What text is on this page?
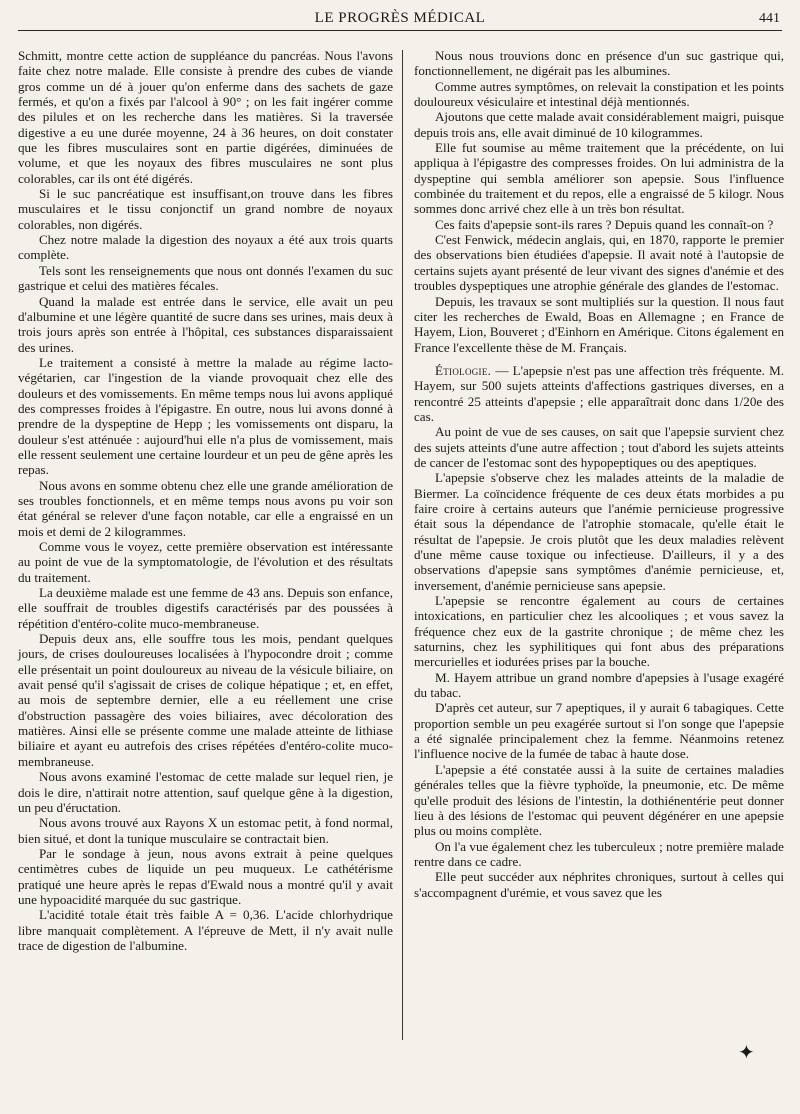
LE PROGRÈS MÉDICAL	441

Schmitt, montre cette action de suppléance du pancréas. Nous l'avons faite chez notre malade. Elle consiste à prendre des cubes de viande gros comme un dé à jouer qu'on enferme dans des sachets de gaze fermés, et qu'on a fixés par l'alcool à 90° ; on les fait ingérer comme des pilules et on les recherche dans les matières. Si la traversée digestive a eu une durée moyenne, 24 à 36 heures, on doit constater que les fibres musculaires sont en partie digérées, diminuées de volume, et que les noyaux des fibres musculaires ne sont plus colorables, car ils ont été digérés.

Si le suc pancréatique est insuffisant,on trouve dans les fibres musculaires et le tissu conjonctif un grand nombre de noyaux colorables, non digérés.

Chez notre malade la digestion des noyaux a été aux trois quarts complète.

Tels sont les renseignements que nous ont donnés l'examen du suc gastrique et celui des matières fécales.

Quand la malade est entrée dans le service, elle avait un peu d'albumine et une légère quantité de sucre dans ses urines, mais deux à trois jours après son entrée à l'hôpital, ces substances disparaissaient des urines.

Le traitement a consisté à mettre la malade au régime lacto-végétarien, car l'ingestion de la viande provoquait chez elle des douleurs et des vomissements. En même temps nous lui avons appliqué des compresses froides à l'épigastre. En outre, nous lui avons donné à prendre de la dyspeptine de Hepp ; les vomissements ont disparu, la douleur s'est atténuée : aujourd'hui elle n'a plus de vomissement, mais elle ressent seulement une certaine lourdeur et un peu de gêne après les repas.

Nous avons en somme obtenu chez elle une grande amélioration de ses troubles fonctionnels, et en même temps nous avons pu voir son état général se relever d'une façon notable, car elle a engraissé en un mois et demi de 2 kilogrammes.

Comme vous le voyez, cette première observation est intéressante au point de vue de la symptomatologie, de l'évolution et des résultats du traitement.

La deuxième malade est une femme de 43 ans. Depuis son enfance, elle souffrait de troubles digestifs caractérisés par des poussées à répétition d'entéro-colite muco-membraneuse.

Depuis deux ans, elle souffre tous les mois, pendant quelques jours, de crises douloureuses localisées à l'hypocondre droit ; comme elle présentait un point douloureux au niveau de la vésicule biliaire, on avait pensé qu'il s'agissait de crises de colique hépatique ; et, en effet, au mois de septembre dernier, elle a eu réellement une crise d'obstruction passagère des voies biliaires, avec décoloration des matières. Ainsi elle se présente comme une malade atteinte de lithiase biliaire et ayant eu autrefois des crises répétées d'entéro-colite muco-membraneuse.

Nous avons examiné l'estomac de cette malade sur lequel rien, je dois le dire, n'attirait notre attention, sauf quelque gêne à la digestion, un peu d'éructation.

Nous avons trouvé aux Rayons X un estomac petit, à fond normal, bien situé, et dont la tunique musculaire se contractait bien.

Par le sondage à jeun, nous avons extrait à peine quelques centimètres cubes de liquide un peu muqueux. Le cathétérisme pratiqué une heure après le repas d'Ewald nous a montré qu'il y avait une hypoacidité marquée du suc gastrique.

L'acidité totale était très faible A = 0,36. L'acide chlorhydrique libre manquait complètement. A l'épreuve de Mett, il n'y avait nulle trace de digestion de l'albumine.

Nous nous trouvions donc en présence d'un suc gastrique qui, fonctionnellement, ne digérait pas les albumines.

Comme autres symptômes, on relevait la constipation et les points douloureux vésiculaire et intestinal déjà mentionnés.

Ajoutons que cette malade avait considérablement maigri, puisque depuis trois ans, elle avait diminué de 10 kilogrammes.

Elle fut soumise au même traitement que la précédente, on lui appliqua à l'épigastre des compresses froides. On lui administra de la dyspeptine qui sembla améliorer son apepsie. Sous l'influence combinée du traitement et du repos, elle a engraissé de 5 kilogr. Nous sommes donc arrivé chez elle à un très bon résultat.

Ces faits d'apepsie sont-ils rares ? Depuis quand les connaît-on ?

C'est Fenwick, médecin anglais, qui, en 1870, rapporte le premier des observations bien étudiées d'apepsie. Il avait noté à l'autopsie de certains sujets ayant présenté de leur vivant des signes d'anémie et des troubles dyspeptiques une atrophie générale des glandes de l'estomac.

Depuis, les travaux se sont multipliés sur la question. Il nous faut citer les recherches de Ewald, Boas en Allemagne ; en France de Hayem, Lion, Bouveret ; d'Einhorn en Amérique. Citons également en France l'excellente thèse de M. Français.

Étiologie. — L'apepsie n'est pas une affection très fréquente. M. Hayem, sur 500 sujets atteints d'affections gastriques diverses, en a rencontré 25 atteints d'apepsie ; elle apparaîtrait donc dans 1/20e des cas.

Au point de vue de ses causes, on sait que l'apepsie survient chez des sujets atteints d'une autre affection ; tout d'abord les sujets atteints de cancer de l'estomac sont des hypopeptiques ou des apeptiques.

L'apepsie s'observe chez les malades atteints de la maladie de Biermer. La coïncidence fréquente de ces deux états morbides a pu faire croire à certains auteurs que l'anémie pernicieuse progressive était sous la dépendance de l'atrophie stomacale, qu'elle était le résultat de l'apepsie. Je crois plutôt que les deux maladies relèvent d'une même cause toxique ou infectieuse. D'ailleurs, il y a des observations d'apepsie sans symptômes d'anémie pernicieuse, et, inversement, d'anémie pernicieuse sans apepsie.

L'apepsie se rencontre également au cours de certaines intoxications, en particulier chez les alcooliques ; et vous savez la fréquence chez eux de la gastrite chronique ; de même chez les saturnins, chez les syphilitiques qui font abus des préparations mercurielles et iodurées prises par la bouche.

M. Hayem attribue un grand nombre d'apepsies à l'usage exagéré du tabac.

D'après cet auteur, sur 7 apeptiques, il y aurait 6 tabagiques. Cette proportion semble un peu exagérée surtout si l'on songe que l'apepsie a été signalée principalement chez la femme. Néanmoins retenez l'influence nocive de la fumée de tabac à haute dose.

L'apepsie a été constatée aussi à la suite de certaines maladies générales telles que la fièvre typhoïde, la pneumonie, etc. De même qu'elle produit des lésions de l'intestin, la dothiénentérie peut donner lieu à des lésions de l'estomac qui peuvent dégénérer en une apepsie plus ou moins complète.

On l'a vue également chez les tuberculeux ; notre première malade rentre dans ce cadre.

Elle peut succéder aux néphrites chroniques, surtout à celles qui s'accompagnent d'urémie, et vous savez que les

✦
